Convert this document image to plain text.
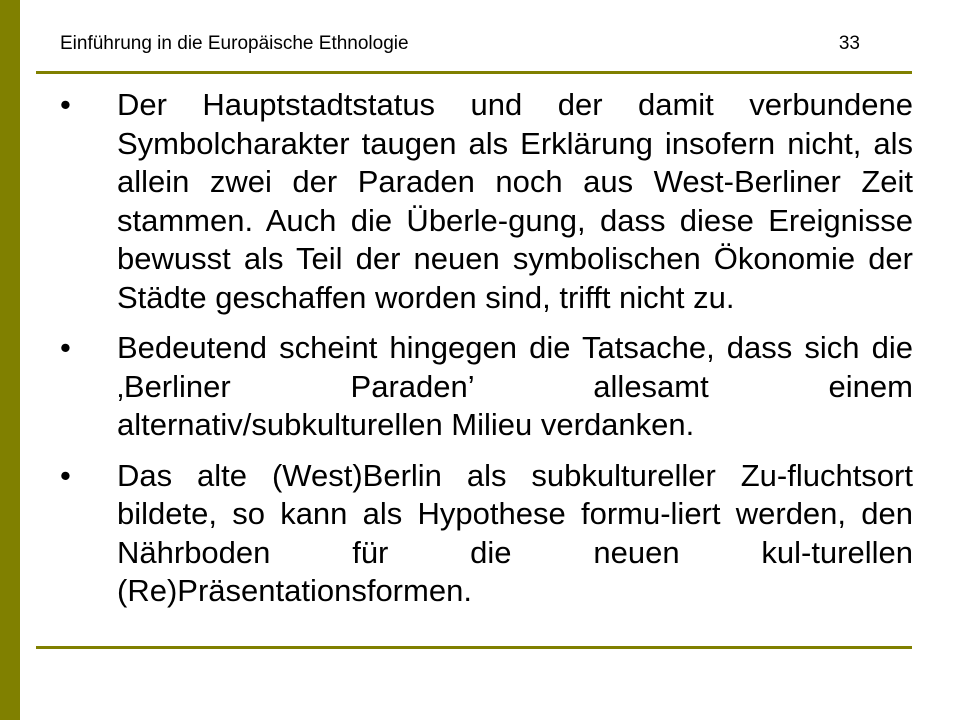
Einführung in die Europäische Ethnologie	33
• Der Hauptstadtstatus und der damit verbundene Symbolcharakter taugen als Erklärung insofern nicht, als allein zwei der Paraden noch aus West-Berliner Zeit stammen. Auch die Überle-gung, dass diese Ereignisse bewusst als Teil der neuen symbolischen Ökonomie der Städte geschaffen worden sind, trifft nicht zu.
• Bedeutend scheint hingegen die Tatsache, dass sich die ‚Berliner Paraden’ allesamt einem alternativ/subkulturellen Milieu verdanken.
• Das alte (West)Berlin als subkultureller Zu-fluchtsort bildete, so kann als Hypothese formu-liert werden, den Nährboden für die neuen kul-turellen (Re)Präsentationsformen.
